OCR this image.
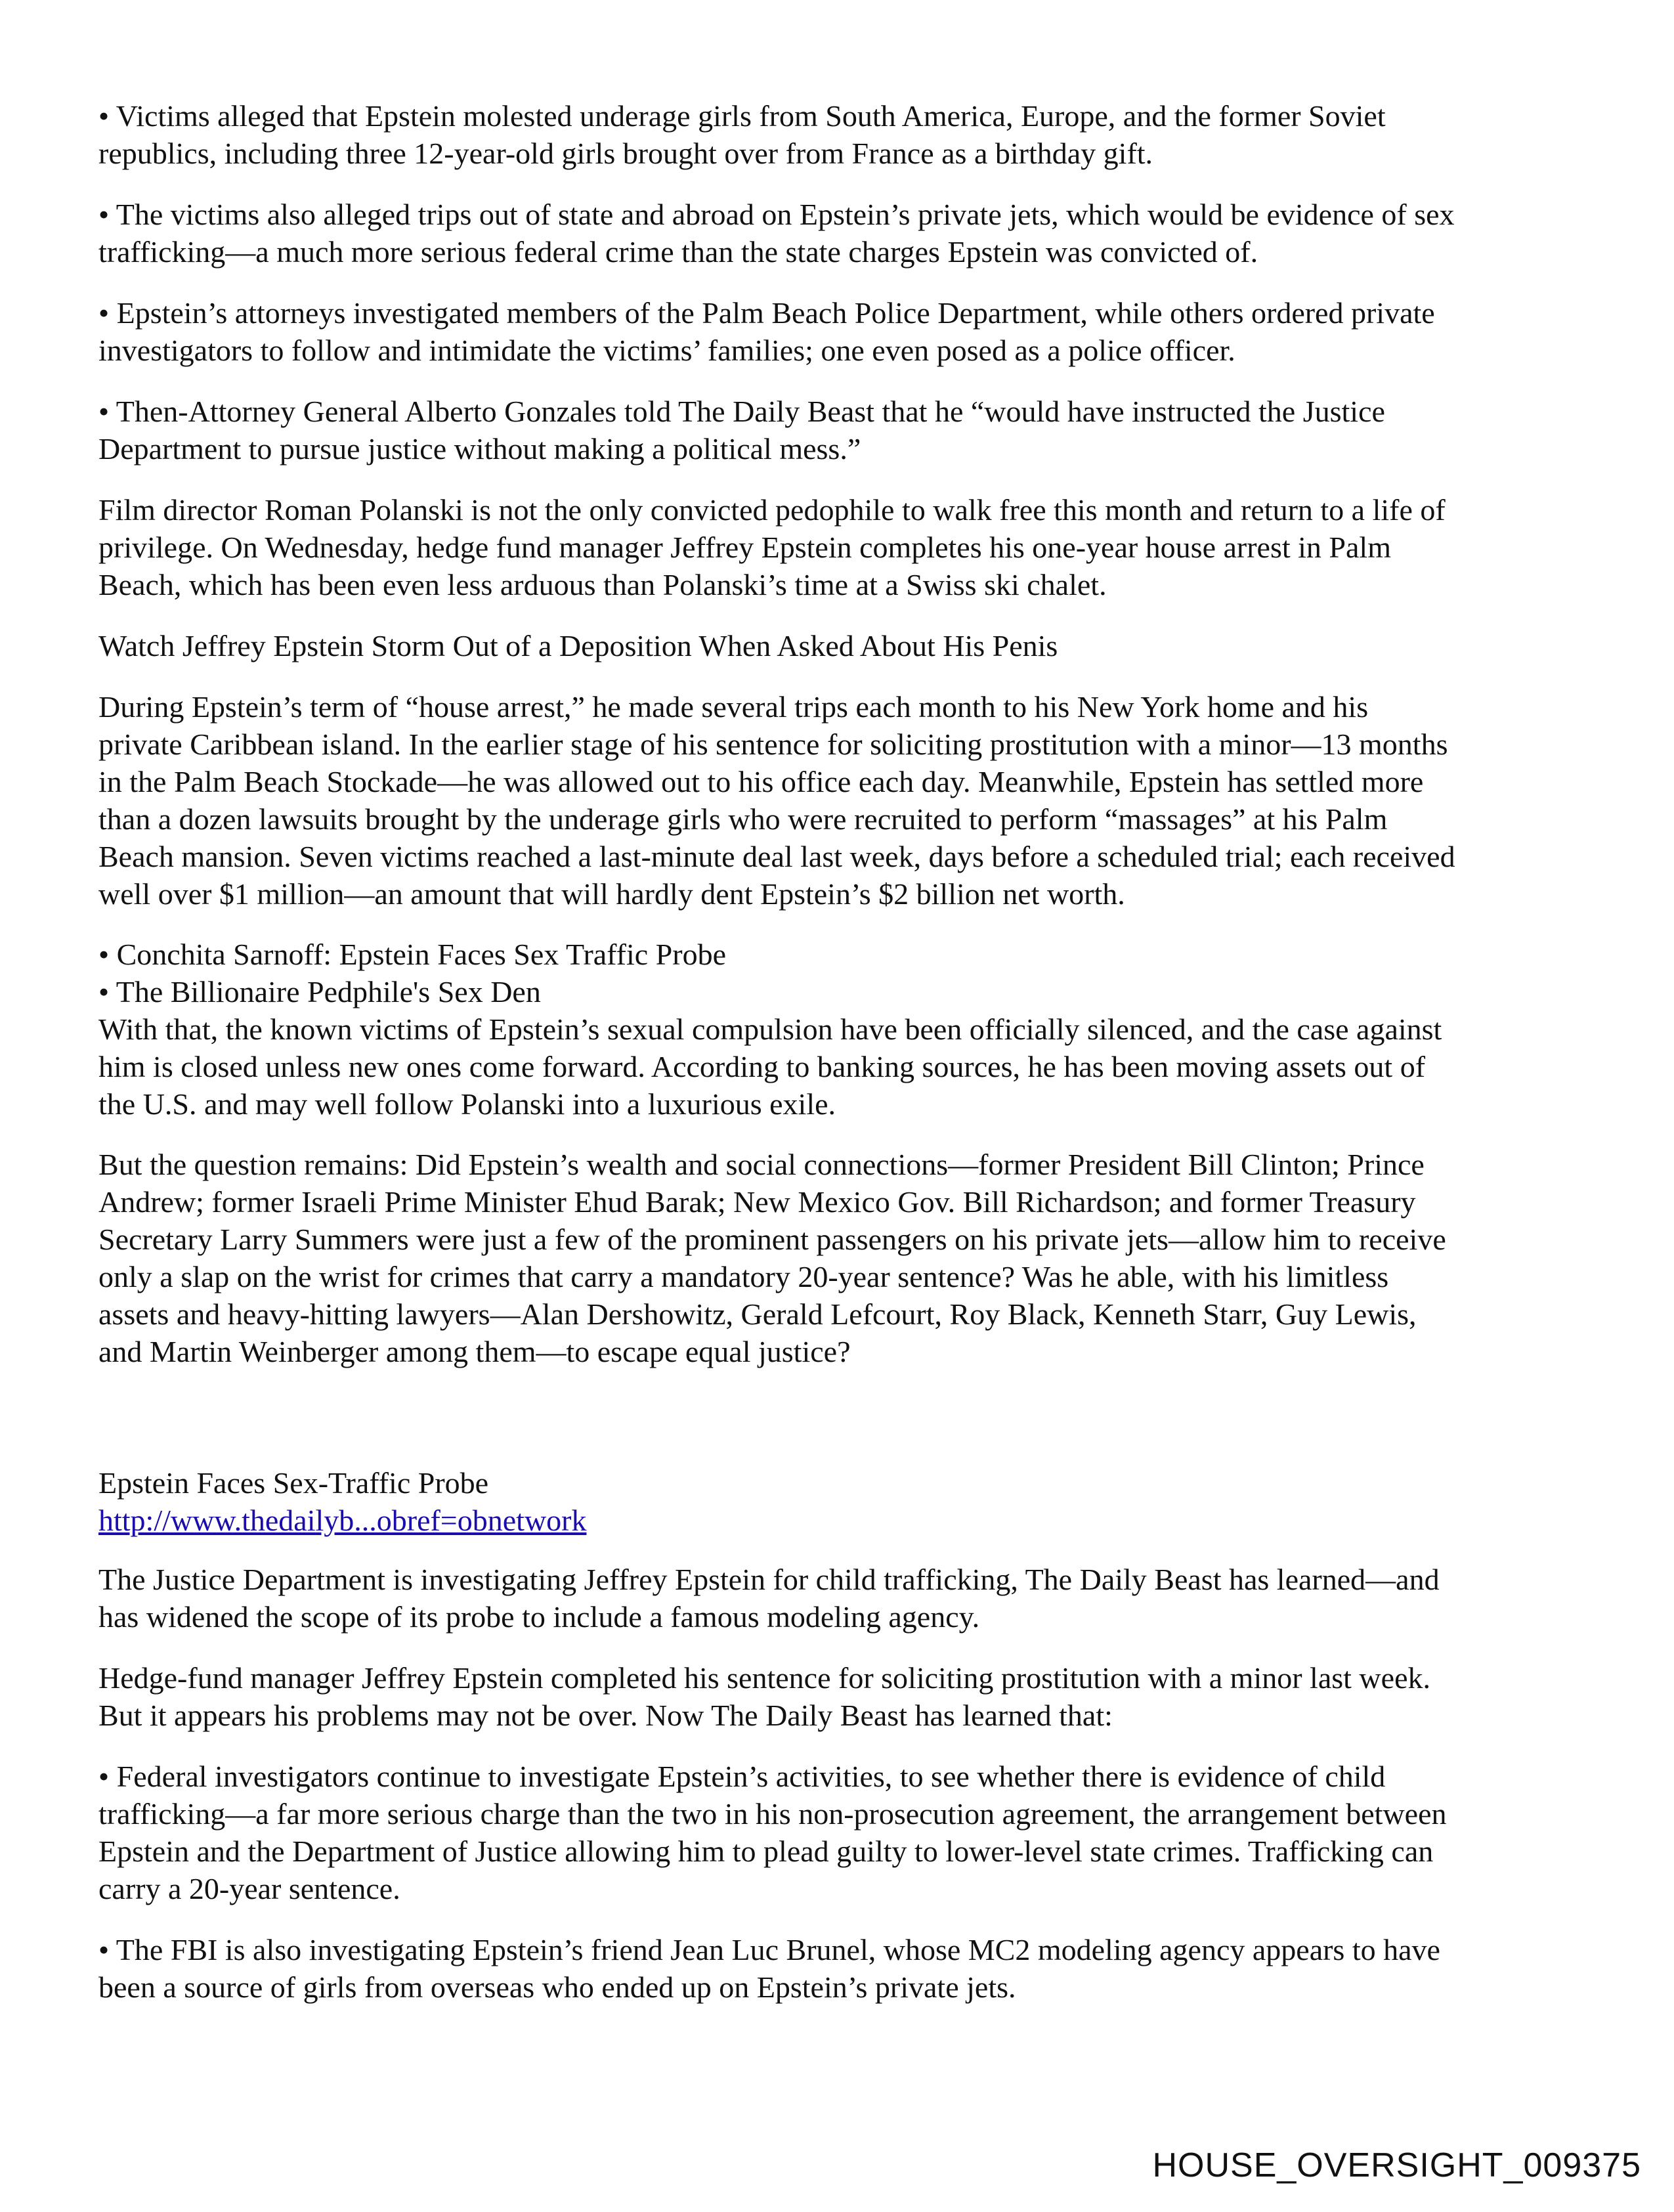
• Victims alleged that Epstein molested underage girls from South America, Europe, and the former Soviet
republics, including three 12-year-old girls brought over from France as a birthday gift.

• The victims also alleged trips out of state and abroad on Epstein’s private jets, which would be evidence of sex
trafficking—a much more serious federal crime than the state charges Epstein was convicted of.

• Epstein’s attorneys investigated members of the Palm Beach Police Department, while others ordered private
investigators to follow and intimidate the victims’ families; one even posed as a police officer.

• Then-Attorney General Alberto Gonzales told The Daily Beast that he “would have instructed the Justice
Department to pursue justice without making a political mess.”

Film director Roman Polanski is not the only convicted pedophile to walk free this month and return to a life of
privilege. On Wednesday, hedge fund manager Jeffrey Epstein completes his one-year house arrest in Palm
Beach, which has been even less arduous than Polanski’s time at a Swiss ski chalet.

Watch Jeffrey Epstein Storm Out of a Deposition When Asked About His Penis

During Epstein’s term of “house arrest,” he made several trips each month to his New York home and his
private Caribbean island. In the earlier stage of his sentence for soliciting prostitution with a minor—13 months
in the Palm Beach Stockade—he was allowed out to his office each day. Meanwhile, Epstein has settled more
than a dozen lawsuits brought by the underage girls who were recruited to perform “massages” at his Palm
Beach mansion. Seven victims reached a last-minute deal last week, days before a scheduled trial; each received
well over $1 million—an amount that will hardly dent Epstein’s $2 billion net worth.

• Conchita Sarnoff: Epstein Faces Sex Traffic Probe
• The Billionaire Pedphile's Sex Den
With that, the known victims of Epstein’s sexual compulsion have been officially silenced, and the case against
him is closed unless new ones come forward. According to banking sources, he has been moving assets out of
the U.S. and may well follow Polanski into a luxurious exile.

But the question remains: Did Epstein’s wealth and social connections—former President Bill Clinton; Prince
Andrew; former Israeli Prime Minister Ehud Barak; New Mexico Gov. Bill Richardson; and former Treasury
Secretary Larry Summers were just a few of the prominent passengers on his private jets—allow him to receive
only a slap on the wrist for crimes that carry a mandatory 20-year sentence? Was he able, with his limitless
assets and heavy-hitting lawyers—Alan Dershowitz, Gerald Lefcourt, Roy Black, Kenneth Starr, Guy Lewis,
and Martin Weinberger among them—to escape equal justice?

Epstein Faces Sex-Traffic Probe

http://www.thedailyb...obref=obnetwork

The Justice Department is investigating Jeffrey Epstein for child trafficking, The Daily Beast has learned—and
has widened the scope of its probe to include a famous modeling agency.

Hedge-fund manager Jeffrey Epstein completed his sentence for soliciting prostitution with a minor last week.
But it appears his problems may not be over. Now The Daily Beast has learned that:

• Federal investigators continue to investigate Epstein’s activities, to see whether there is evidence of child
trafficking—a far more serious charge than the two in his non-prosecution agreement, the arrangement between
Epstein and the Department of Justice allowing him to plead guilty to lower-level state crimes. Trafficking can
carry a 20-year sentence.

• The FBI is also investigating Epstein’s friend Jean Luc Brunel, whose MC2 modeling agency appears to have
been a source of girls from overseas who ended up on Epstein’s private jets.

HOUSE_OVERSIGHT_009375
